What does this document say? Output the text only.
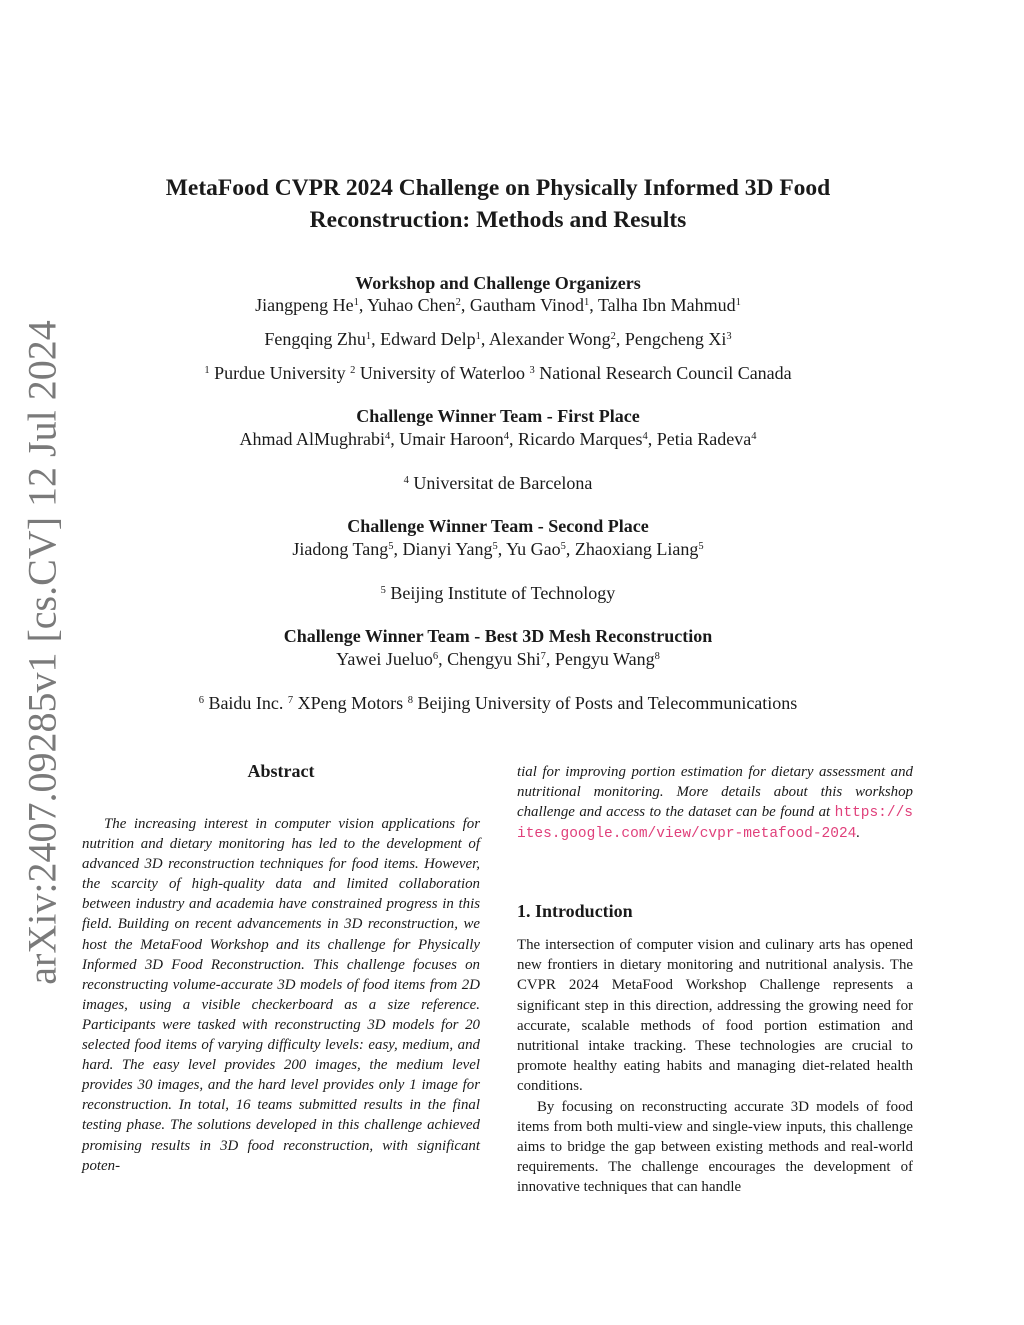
arXiv:2407.09285v1 [cs.CV] 12 Jul 2024
MetaFood CVPR 2024 Challenge on Physically Informed 3D Food
Reconstruction: Methods and Results
Workshop and Challenge Organizers
Jiangpeng He$^1$, Yuhao Chen$^2$, Gautham Vinod$^1$, Talha Ibn Mahmud$^1$
Fengqing Zhu$^1$, Edward Delp$^1$, Alexander Wong$^2$, Pengcheng Xi$^3$
$^1$ Purdue University $^2$ University of Waterloo $^3$ National Research Council Canada
Challenge Winner Team - First Place
Ahmad AlMughrabi$^4$, Umair Haroon$^4$, Ricardo Marques$^4$, Petia Radeva$^4$
$^4$ Universitat de Barcelona
Challenge Winner Team - Second Place
Jiadong Tang$^5$, Dianyi Yang$^5$, Yu Gao$^5$, Zhaoxiang Liang$^5$
$^5$ Beijing Institute of Technology
Challenge Winner Team - Best 3D Mesh Reconstruction
Yawei Jueluo$^6$, Chengyu Shi$^7$, Pengyu Wang$^8$
$^6$ Baidu Inc. $^7$ XPeng Motors $^8$ Beijing University of Posts and Telecommunications
Abstract

The increasing interest in computer vision applications for nutrition and dietary monitoring has led to the development of advanced 3D reconstruction techniques for food items. However, the scarcity of high-quality data and limited collaboration between industry and academia have constrained progress in this field. Building on recent advancements in 3D reconstruction, we host the MetaFood Workshop and its challenge for Physically Informed 3D Food Reconstruction. This challenge focuses on reconstructing volume-accurate 3D models of food items from 2D images, using a visible checkerboard as a size reference. Participants were tasked with reconstructing 3D models for 20 selected food items of varying difficulty levels: easy, medium, and hard. The easy level provides 200 images, the medium level provides 30 images, and the hard level provides only 1 image for reconstruction. In total, 16 teams submitted results in the final testing phase. The solutions developed in this challenge achieved promising results in 3D food reconstruction, with significant poten-

tial for improving portion estimation for dietary assessment and nutritional monitoring. More details about this workshop challenge and access to the dataset can be found at https://sites.google.com/view/cvpr-metafood-2024.

1. Introduction

The intersection of computer vision and culinary arts has opened new frontiers in dietary monitoring and nutritional analysis. The CVPR 2024 MetaFood Workshop Challenge represents a significant step in this direction, addressing the growing need for accurate, scalable methods of food portion estimation and nutritional intake tracking. These technologies are crucial to promote healthy eating habits and managing diet-related health conditions.

By focusing on reconstructing accurate 3D models of food items from both multi-view and single-view inputs, this challenge aims to bridge the gap between existing methods and real-world requirements. The challenge encourages the development of innovative techniques that can handle
